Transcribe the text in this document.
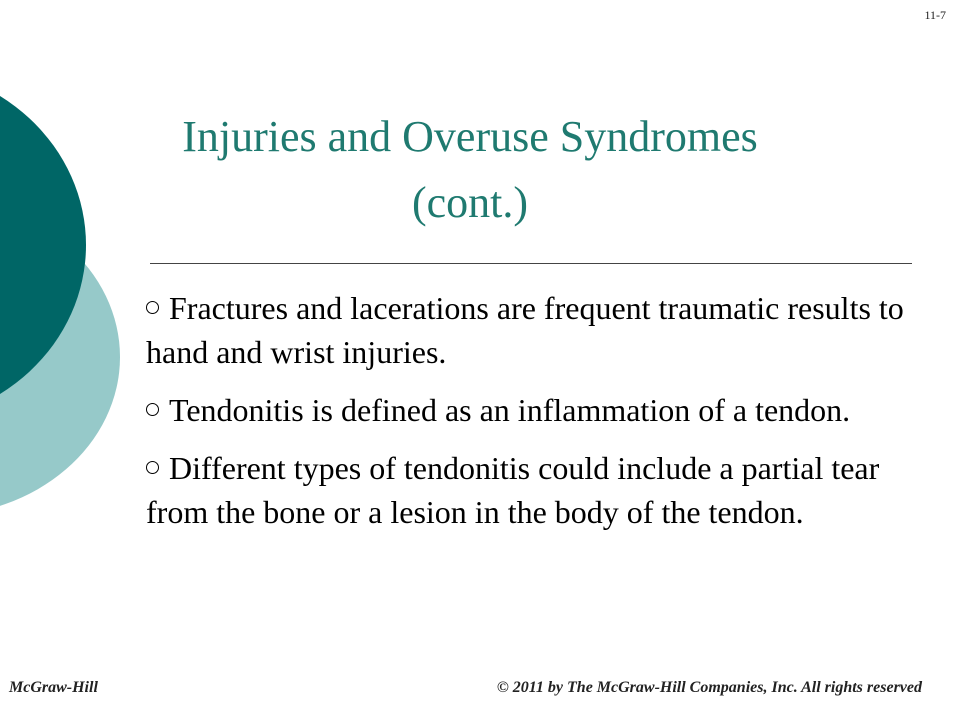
11-7
Injuries and Overuse Syndromes
(cont.)
Fractures and lacerations are frequent traumatic results to hand and wrist injuries.
Tendonitis is defined as an inflammation of a tendon.
Different types of tendonitis could include a partial tear from the bone or a lesion in the body of the tendon.
McGraw-Hill	© 2011 by The McGraw-Hill Companies, Inc. All rights reserved
